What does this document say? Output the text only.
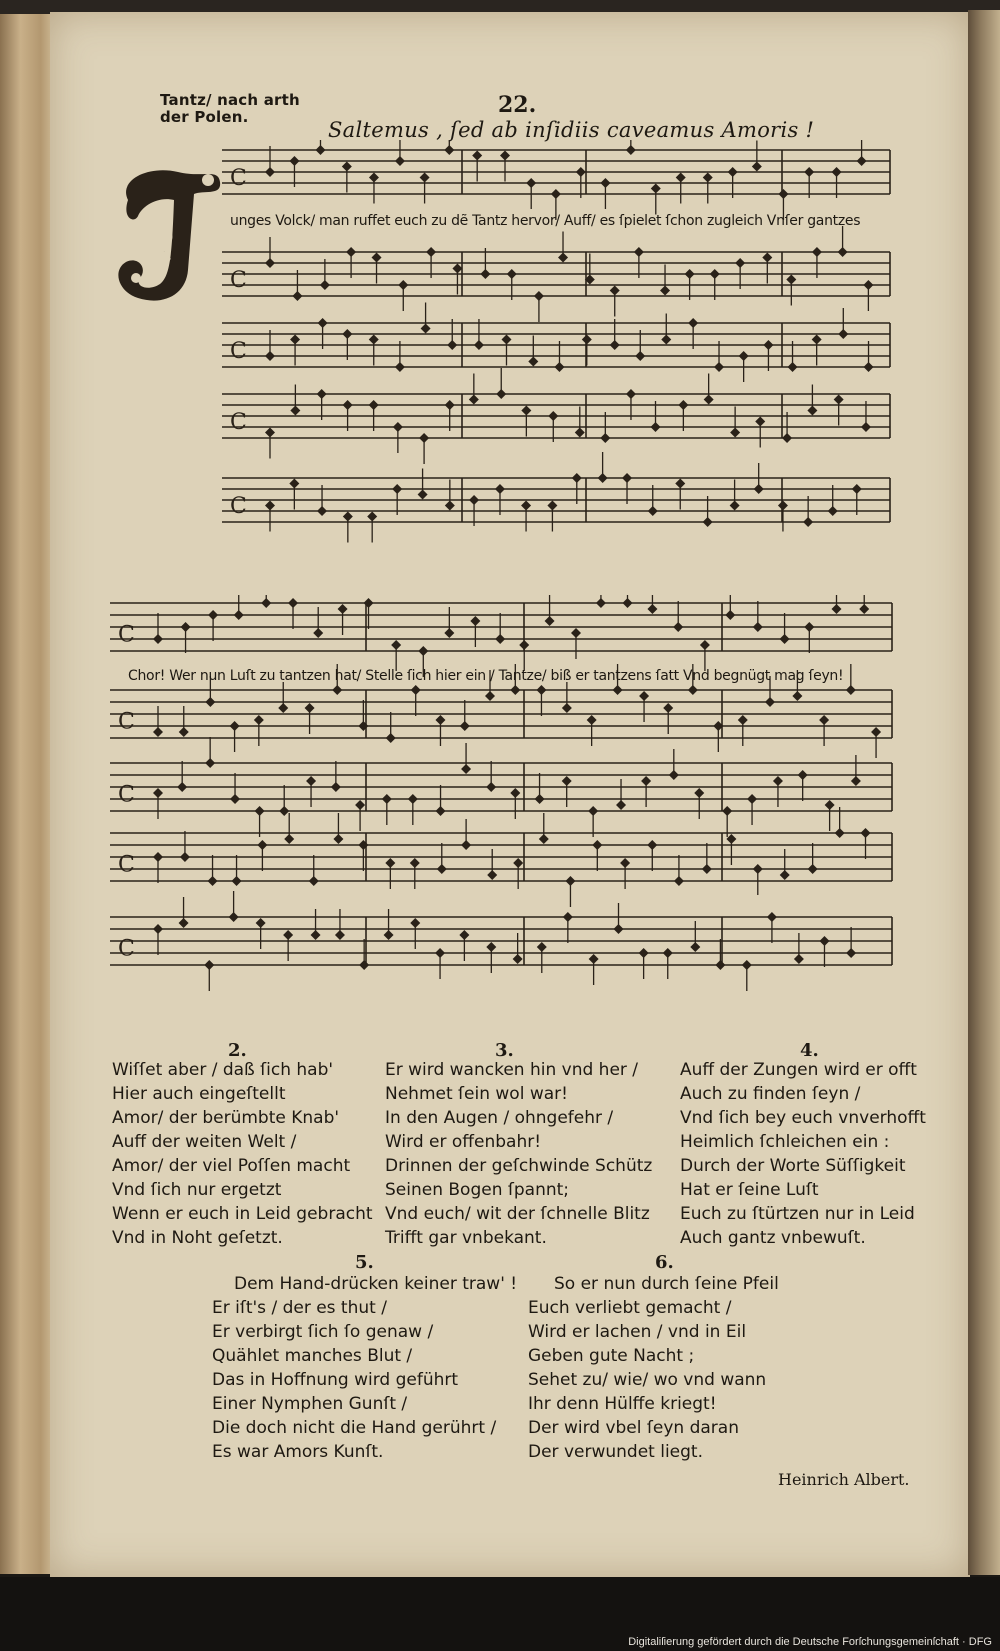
Tantz/ nach arth
der Polen.	22.
Saltemus , ſed ab inſidiis caveamus Amoris !
J
C
C
C
C
C
unges Volck/ man ruffet euch zu dẽ Tantz hervor/ Auff/ es ſpielet ſchon zugleich Vnſer gantzes
C
C
C
C
C
Chor! Wer nun Luſt zu tantzen hat/ Stelle ſich hier ein / Tantze/ biß er tantzens ſatt Vnd begnügt mag ſeyn!
2.
Wiſſet aber / daß ſich hab'
Hier auch eingeſtellt
Amor/ der berümbte Knab'
Auff der weiten Welt /
Amor/ der viel Poſſen macht
Vnd ſich nur ergetzt
Wenn er euch in Leid gebracht
Vnd in Noht geſetzt.
3.
Er wird wancken hin vnd her /
Nehmet ſein wol war!
In den Augen / ohngefehr /
Wird er offenbahr!
Drinnen der geſchwinde Schütz
Seinen Bogen ſpannt;
Vnd euch/ wit der ſchnelle Blitz
Trifft gar vnbekant.
4.
Auff der Zungen wird er offt
Auch zu finden ſeyn /
Vnd ſich bey euch vnverhofft
Heimlich ſchleichen ein :
Durch der Worte Süſſigkeit
Hat er ſeine Luſt
Euch zu ſtürtzen nur in Leid
Auch gantz vnbewuſt.
5.
Dem Hand-drücken keiner traw' !
Er iſt's / der es thut /
Er verbirgt ſich ſo genaw /
Quählet manches Blut /
Das in Hoffnung wird geführt
Einer Nymphen Gunſt /
Die doch nicht die Hand gerührt /
Es war Amors Kunſt.
6.
So er nun durch ſeine Pfeil
Euch verliebt gemacht /
Wird er lachen / vnd in Eil
Geben gute Nacht ;
Sehet zu/ wie/ wo vnd wann
Ihr denn Hülffe kriegt!
Der wird vbel ſeyn daran
Der verwundet liegt.
Heinrich Albert.
Digitaliſierung gefördert durch die Deutsche Forſchungsgemeinſchaft · DFG
